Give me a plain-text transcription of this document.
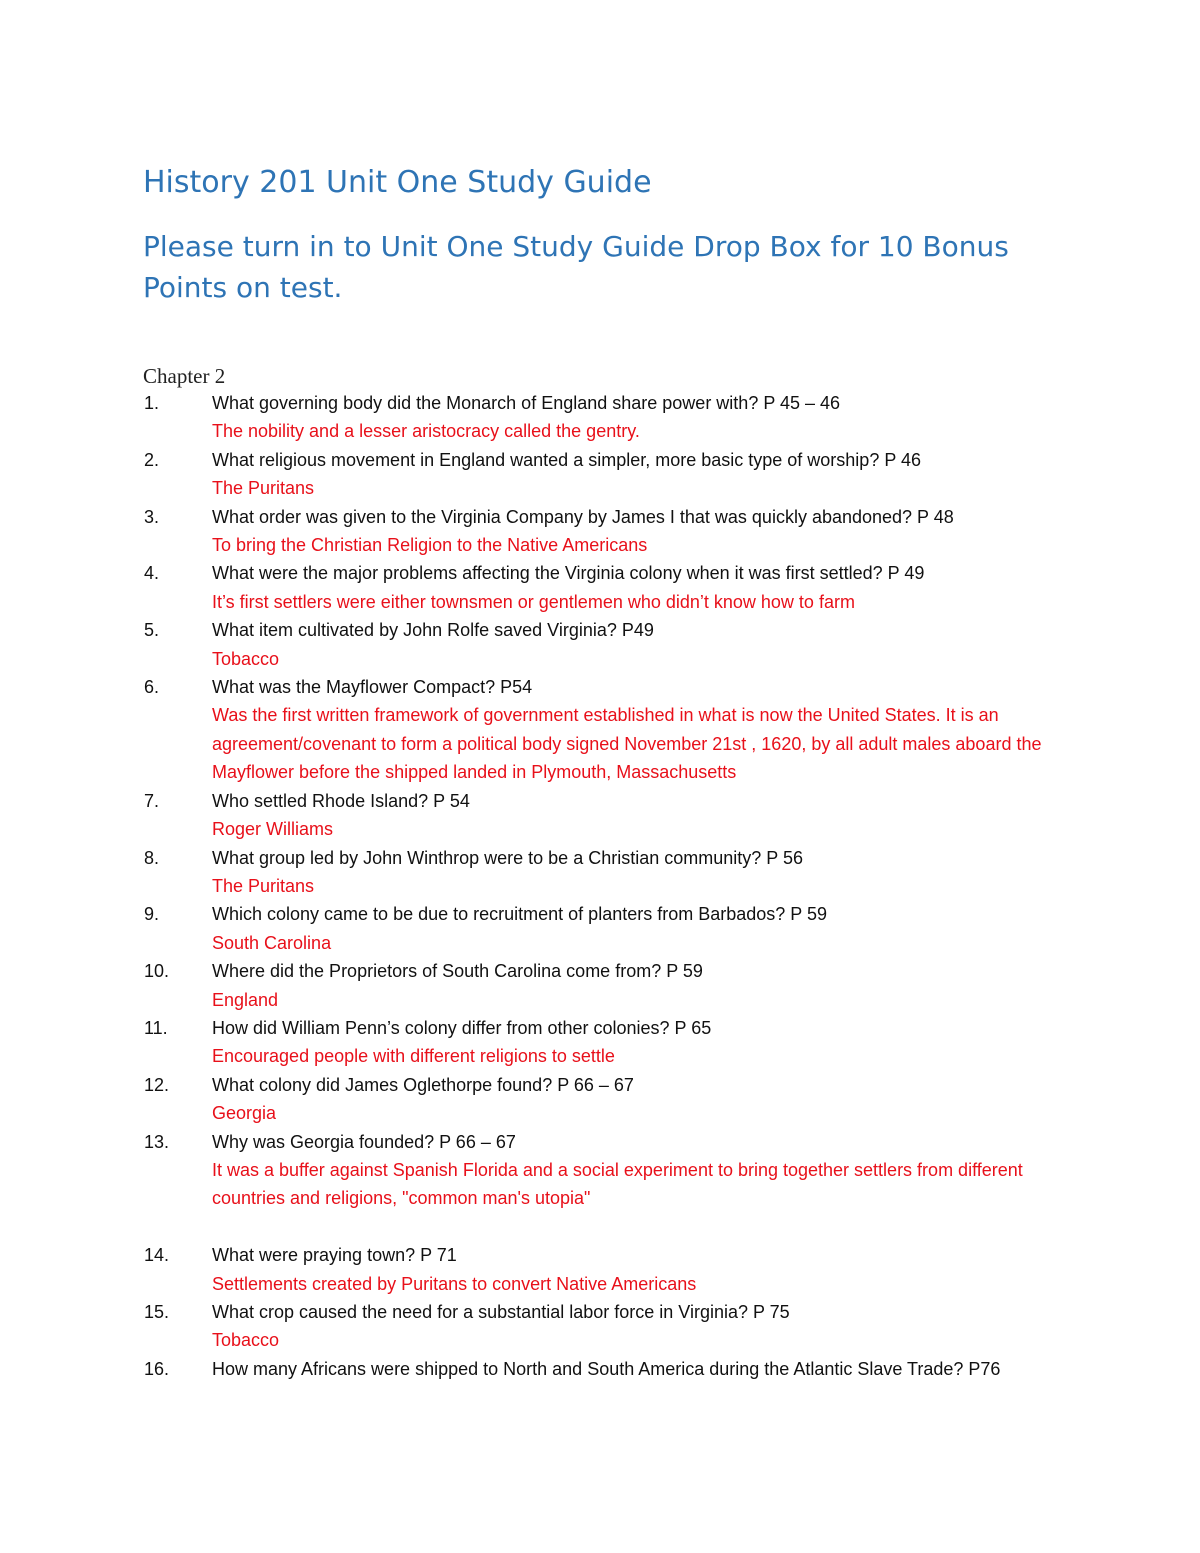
History 201 Unit One Study Guide
Please turn in to Unit One Study Guide Drop Box for 10 Bonus Points on test.
Chapter 2
1.	What governing body did the Monarch of England share power with? P 45 – 46
The nobility and a lesser aristocracy called the gentry.
2.	What religious movement in England wanted a simpler, more basic type of worship? P 46
The Puritans
3.	What order was given to the Virginia Company by James I that was quickly abandoned? P 48
To bring the Christian Religion to the Native Americans
4.	What were the major problems affecting the Virginia colony when it was first settled? P 49
It’s first settlers were either townsmen or gentlemen who didn’t know how to farm
5.	What item cultivated by John Rolfe saved Virginia? P49
Tobacco
6.	What was the Mayflower Compact? P54
Was the first written framework of government established in what is now the United States. It is an agreement/covenant to form a political body signed November 21st , 1620, by all adult males aboard the Mayflower before the shipped landed in Plymouth, Massachusetts
7.	Who settled Rhode Island? P 54
Roger Williams
8.	What group led by John Winthrop were to be a Christian community? P 56
The Puritans
9.	Which colony came to be due to recruitment of planters from Barbados? P 59
South Carolina
10.	Where did the Proprietors of South Carolina come from? P 59
England
11.	How did William Penn’s colony differ from other colonies? P 65
Encouraged people with different religions to settle
12.	What colony did James Oglethorpe found? P 66 – 67
Georgia
13.	Why was Georgia founded? P 66 – 67
It was a buffer against Spanish Florida and a social experiment to bring together settlers from different countries and religions, "common man's utopia"
14.	What were praying town? P 71
Settlements created by Puritans to convert Native Americans
15.	What crop caused the need for a substantial labor force in Virginia? P 75
Tobacco
16.	How many Africans were shipped to North and South America during the Atlantic Slave Trade? P76
